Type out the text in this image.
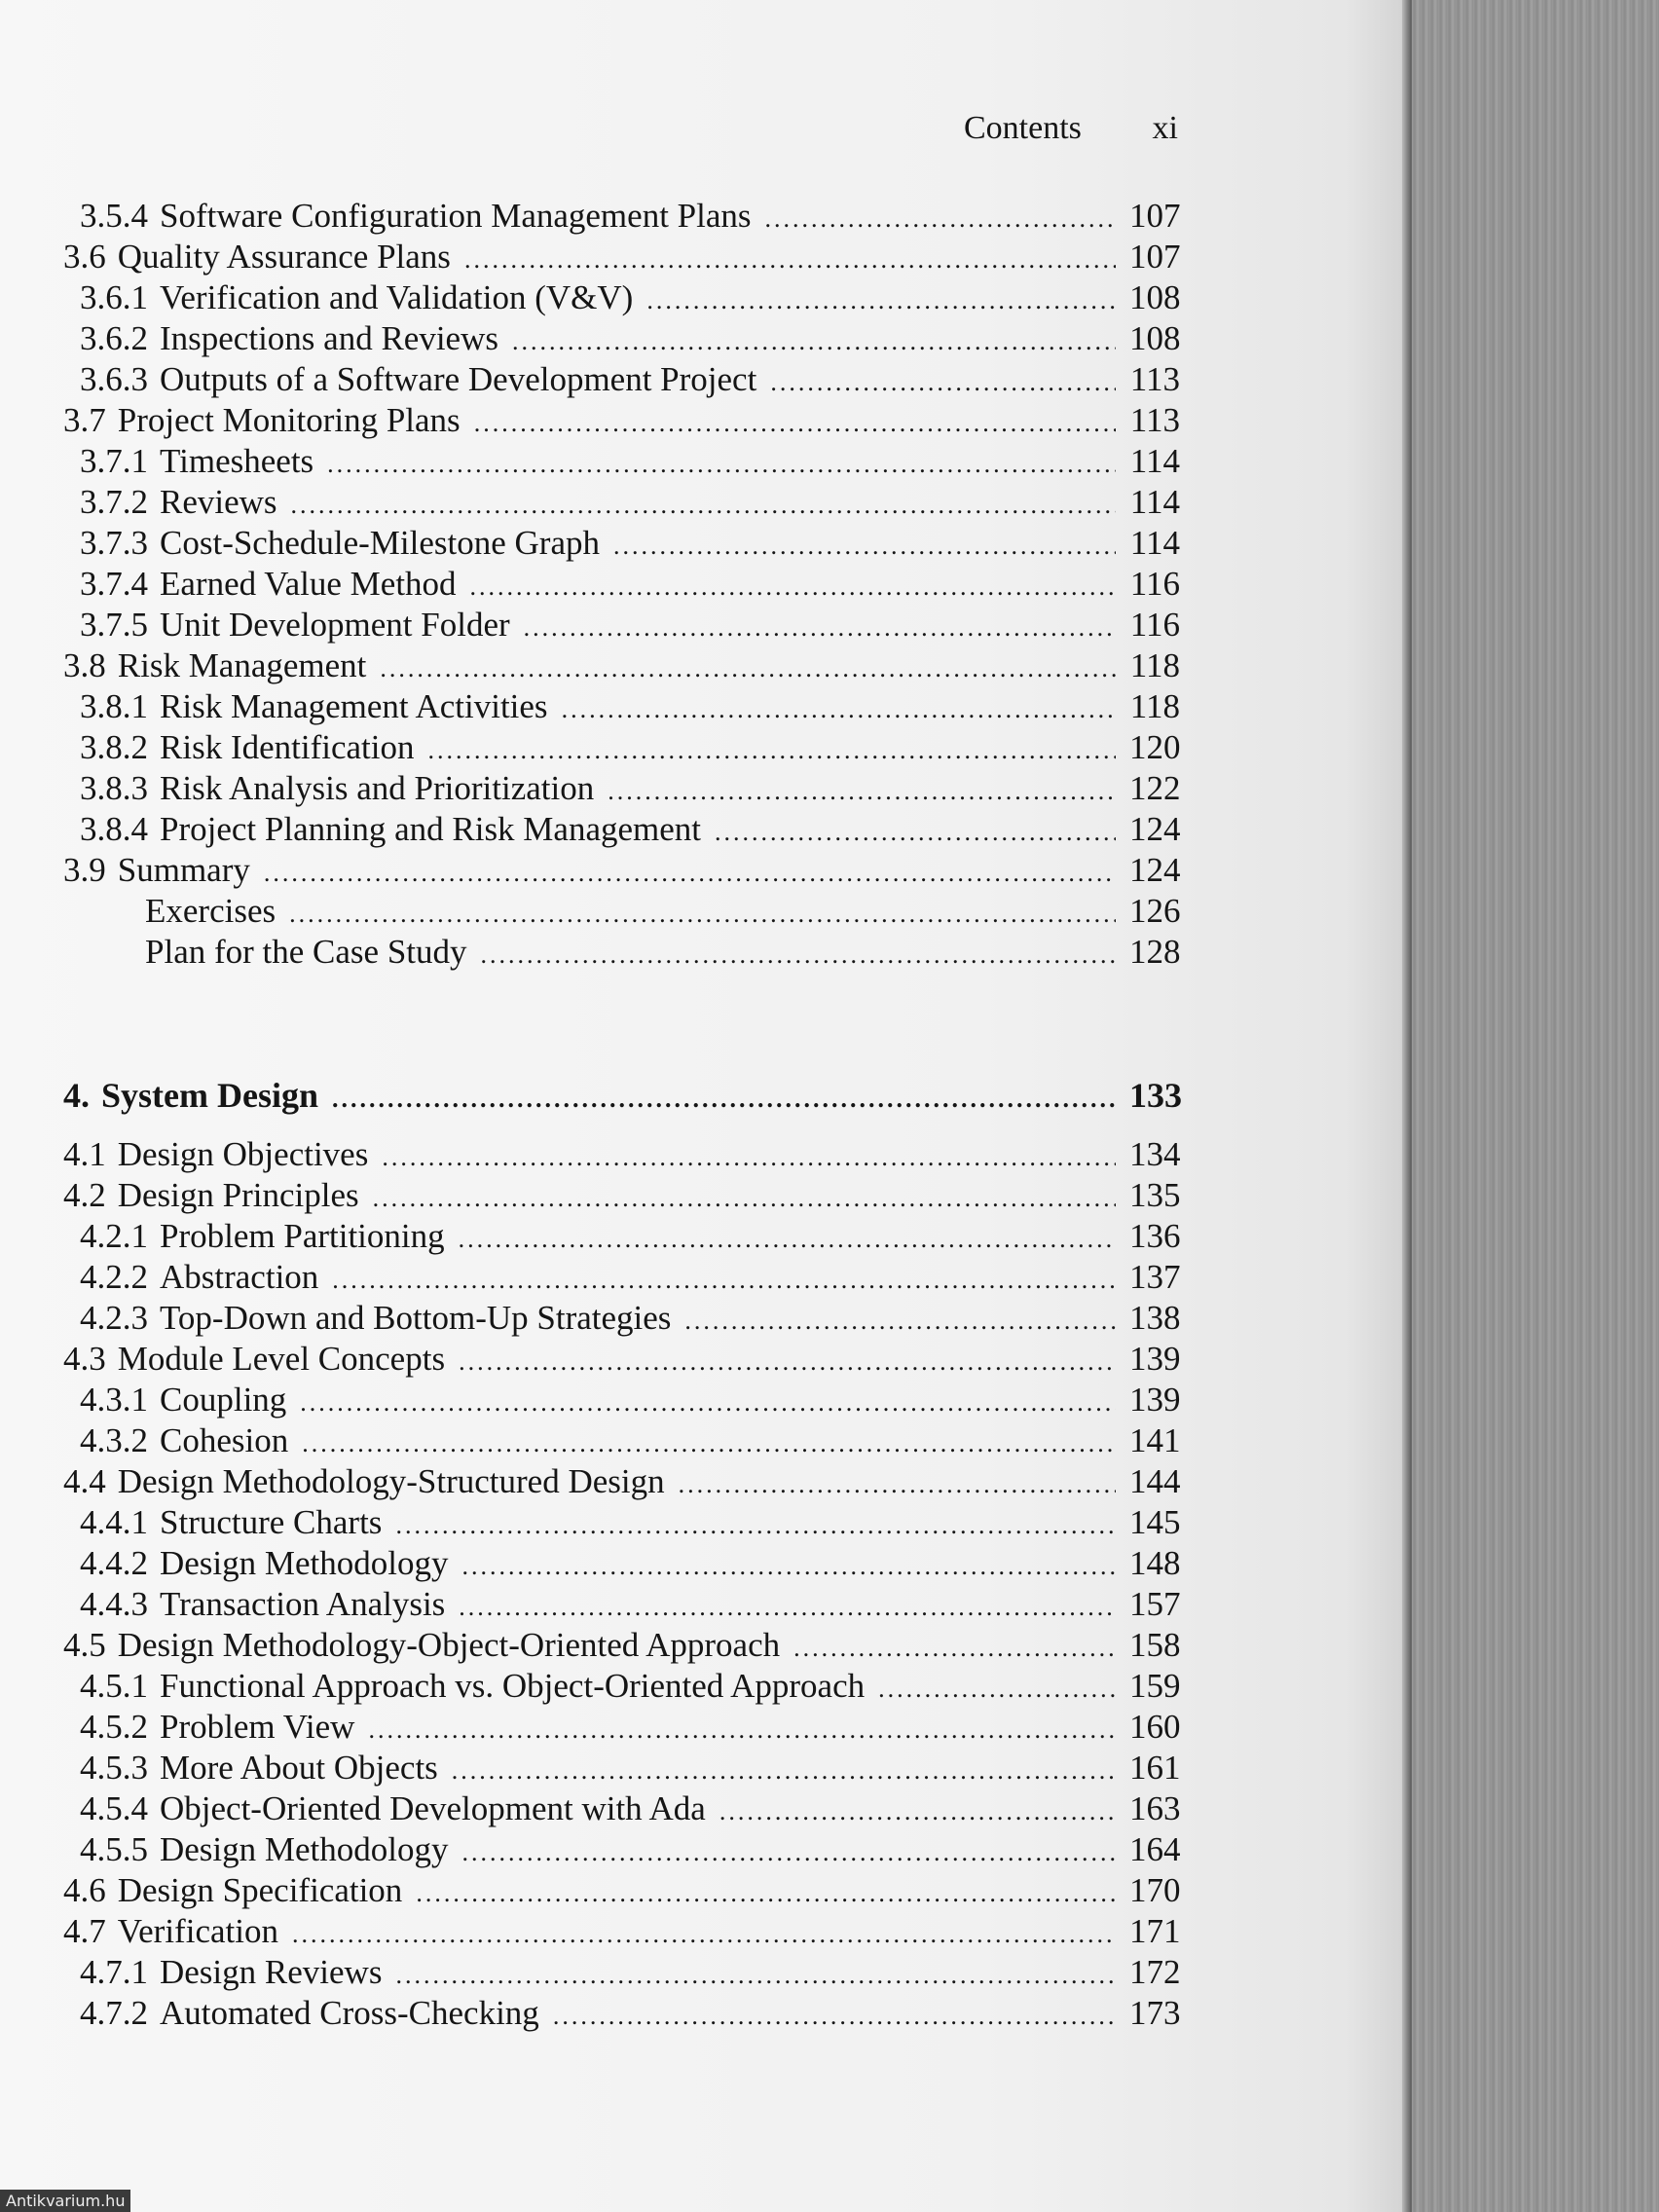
Contents xi
3.5.4 Software Configuration Management Plans .....	107
3.6 Quality Assurance Plans .....	107
3.6.1 Verification and Validation (V&V) .....	108
3.6.2 Inspections and Reviews .....	108
3.6.3 Outputs of a Software Development Project .....	113
3.7 Project Monitoring Plans .....	113
3.7.1 Timesheets .....	114
3.7.2 Reviews .....	114
3.7.3 Cost-Schedule-Milestone Graph .....	114
3.7.4 Earned Value Method .....	116
3.7.5 Unit Development Folder .....	116
3.8 Risk Management .....	118
3.8.1 Risk Management Activities .....	118
3.8.2 Risk Identification .....	120
3.8.3 Risk Analysis and Prioritization .....	122
3.8.4 Project Planning and Risk Management .....	124
3.9 Summary .....	124
Exercises .....	126
Plan for the Case Study .....	128
4. System Design .....	133
4.1 Design Objectives .....	134
4.2 Design Principles .....	135
4.2.1 Problem Partitioning .....	136
4.2.2 Abstraction .....	137
4.2.3 Top-Down and Bottom-Up Strategies .....	138
4.3 Module Level Concepts .....	139
4.3.1 Coupling .....	139
4.3.2 Cohesion .....	141
4.4 Design Methodology-Structured Design .....	144
4.4.1 Structure Charts .....	145
4.4.2 Design Methodology .....	148
4.4.3 Transaction Analysis .....	157
4.5 Design Methodology-Object-Oriented Approach .....	158
4.5.1 Functional Approach vs. Object-Oriented Approach .....	159
4.5.2 Problem View .....	160
4.5.3 More About Objects .....	161
4.5.4 Object-Oriented Development with Ada .....	163
4.5.5 Design Methodology .....	164
4.6 Design Specification .....	170
4.7 Verification .....	171
4.7.1 Design Reviews .....	172
4.7.2 Automated Cross-Checking .....	173
Antikvarium.hu
